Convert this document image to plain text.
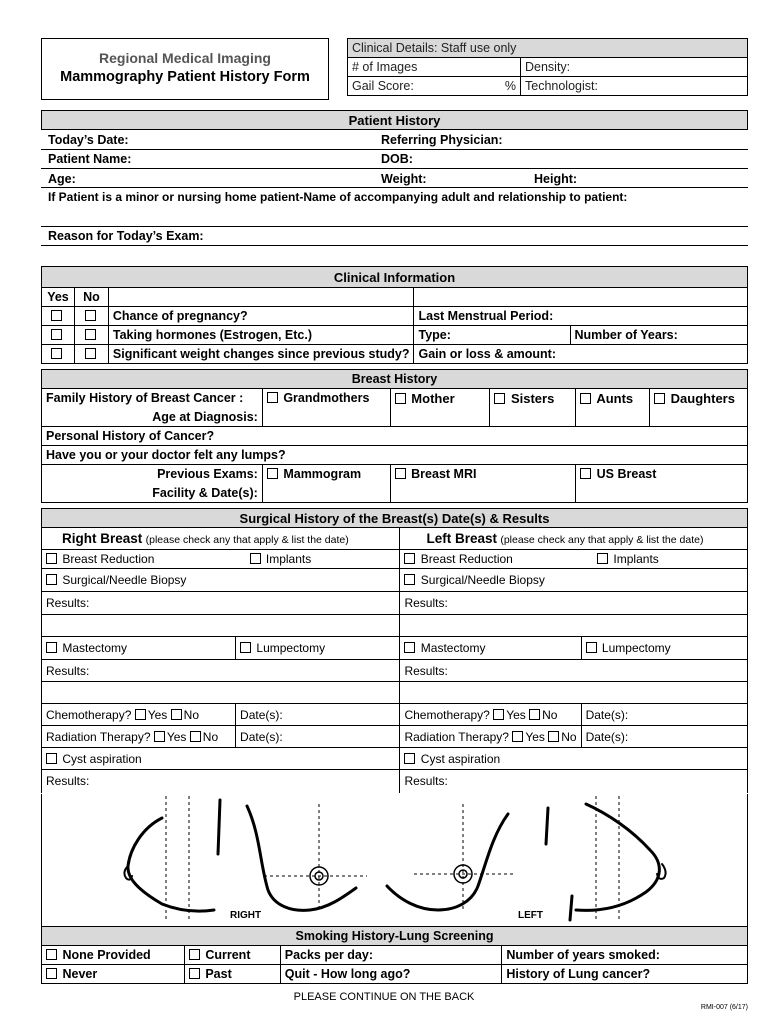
Regional Medical Imaging
Mammography Patient History Form
Clinical Details: Staff use only		
# of Images		Density:
Gail Score:	%	Technologist:
Patient History
Today’s Date:	Referring Physician:
Patient Name:	DOB:
Age:	Weight:	Height:
If Patient is a minor or nursing home patient-Name of accompanying adult and relationship to patient:
Reason for Today’s Exam:
Clinical Information				
Yes	No			
		Chance of pregnancy?	Last Menstrual Period:	
		Taking hormones (Estrogen, Etc.)	Type:	Number of Years:
		Significant weight changes since previous study?	Gain or loss & amount:	
Breast History					
Family History of Breast Cancer :	Grandmothers	Mother	Sisters	Aunts	Daughters
Age at Diagnosis:					
Personal History of Cancer?					
Have you or your doctor felt any lumps?					
Previous Exams:	Mammogram	Breast MRI		US Breast	
Facility & Date(s):					
Surgical History of the Breast(s) Date(s) & Results			
Right Breast (please check any that apply & list the date)		Left Breast (please check any that apply & list the date)	
Breast Reduction	Implants	Breast Reduction	Implants
Surgical/Needle Biopsy		Surgical/Needle Biopsy	
Results:		Results:	

Mastectomy	Lumpectomy	Mastectomy	Lumpectomy
Results:		Results:	

Chemotherapy? Yes No	Date(s):	Chemotherapy? Yes No	Date(s):
Radiation Therapy? Yes No	Date(s):	Radiation Therapy? Yes No	Date(s):
Cyst aspiration		Cyst aspiration	
Results:		Results:	
RIGHT	LEFT
Smoking History-Lung Screening			
None Provided	Current	Packs per day:	Number of years smoked:
Never	Past	Quit - How long ago?	History of Lung cancer?
PLEASE CONTINUE ON THE BACK
RMI-007 (6/17)
